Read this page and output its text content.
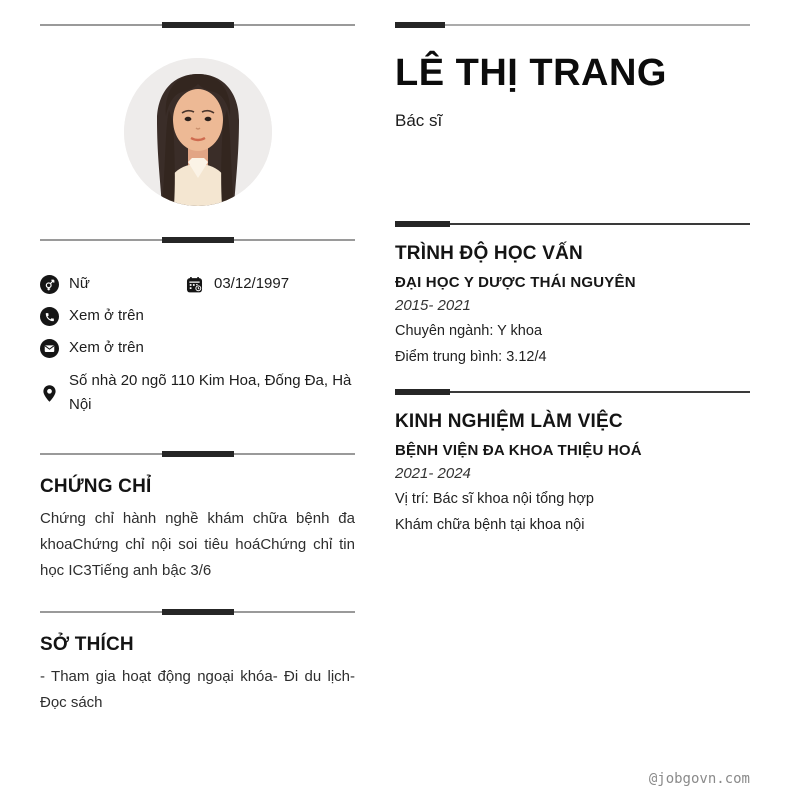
Nữ	03/12/1997
Xem ở trên
Xem ở trên
Số nhà 20 ngõ 110 Kim Hoa, Đống Đa, Hà Nội
CHỨNG CHỈ
Chứng chỉ hành nghề khám chữa bệnh đa khoaChứng chỉ nội soi tiêu hoáChứng chỉ tin học IC3Tiếng anh bậc 3/6
SỞ THÍCH
- Tham gia hoạt động ngoại khóa- Đi du lịch- Đọc sách
LÊ THỊ TRANG
Bác sĩ
TRÌNH ĐỘ HỌC VẤN
ĐẠI HỌC Y DƯỢC THÁI NGUYÊN
2015- 2021
Chuyên ngành: Y khoa
Điểm trung bình: 3.12/4
KINH NGHIỆM LÀM VIỆC
BỆNH VIỆN ĐA KHOA THIỆU HOÁ
2021- 2024
Vị trí: Bác sĩ khoa nội tổng hợp
Khám chữa bệnh tại khoa nội
@jobgovn.com
